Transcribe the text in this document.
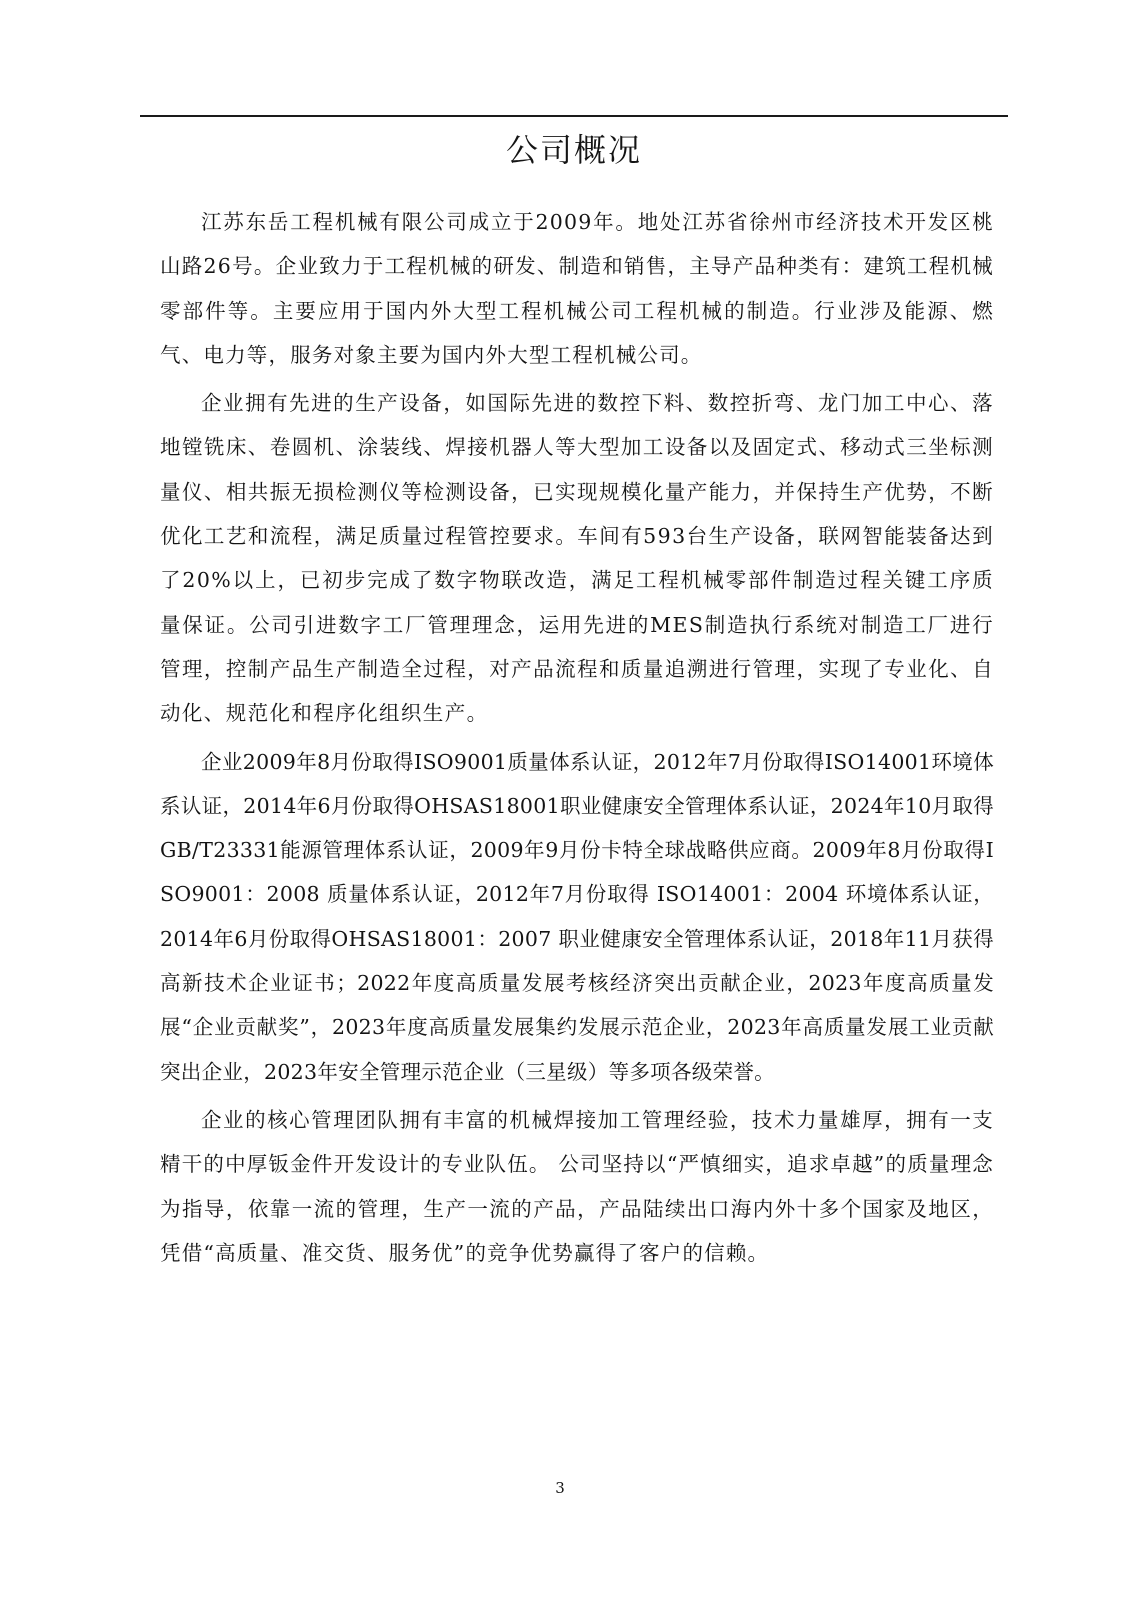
公司概况

江苏东岳工程机械有限公司成立于2009年。地处江苏省徐州市经济技术开发区桃山路26号。企业致力于工程机械的研发、制造和销售，主导产品种类有：建筑工程机械零部件等。主要应用于国内外大型工程机械公司工程机械的制造。行业涉及能源、燃气、电力等，服务对象主要为国内外大型工程机械公司。

企业拥有先进的生产设备，如国际先进的数控下料、数控折弯、龙门加工中心、落地镗铣床、卷圆机、涂装线、焊接机器人等大型加工设备以及固定式、移动式三坐标测量仪、相共振无损检测仪等检测设备，已实现规模化量产能力，并保持生产优势，不断优化工艺和流程，满足质量过程管控要求。车间有593台生产设备，联网智能装备达到了20%以上，已初步完成了数字物联改造，满足工程机械零部件制造过程关键工序质量保证。公司引进数字工厂管理理念，运用先进的MES制造执行系统对制造工厂进行管理，控制产品生产制造全过程，对产品流程和质量追溯进行管理，实现了专业化、自动化、规范化和程序化组织生产。

企业2009年8月份取得ISO9001质量体系认证，2012年7月份取得ISO14001环境体系认证，2014年6月份取得OHSAS18001职业健康安全管理体系认证，2024年10月取得GB/T23331能源管理体系认证，2009年9月份卡特全球战略供应商。2009年8月份取得ISO9001：2008 质量体系认证，2012年7月份取得 ISO14001：2004 环境体系认证，2014年6月份取得OHSAS18001：2007 职业健康安全管理体系认证，2018年11月获得高新技术企业证书；2022年度高质量发展考核经济突出贡献企业，2023年度高质量发展“企业贡献奖”，2023年度高质量发展集约发展示范企业，2023年高质量发展工业贡献突出企业，2023年安全管理示范企业（三星级）等多项各级荣誉。

企业的核心管理团队拥有丰富的机械焊接加工管理经验，技术力量雄厚，拥有一支精干的中厚钣金件开发设计的专业队伍。 公司坚持以“严慎细实，追求卓越”的质量理念为指导，依靠一流的管理，生产一流的产品，产品陆续出口海内外十多个国家及地区，凭借“高质量、准交货、服务优”的竞争优势赢得了客户的信赖。

3
